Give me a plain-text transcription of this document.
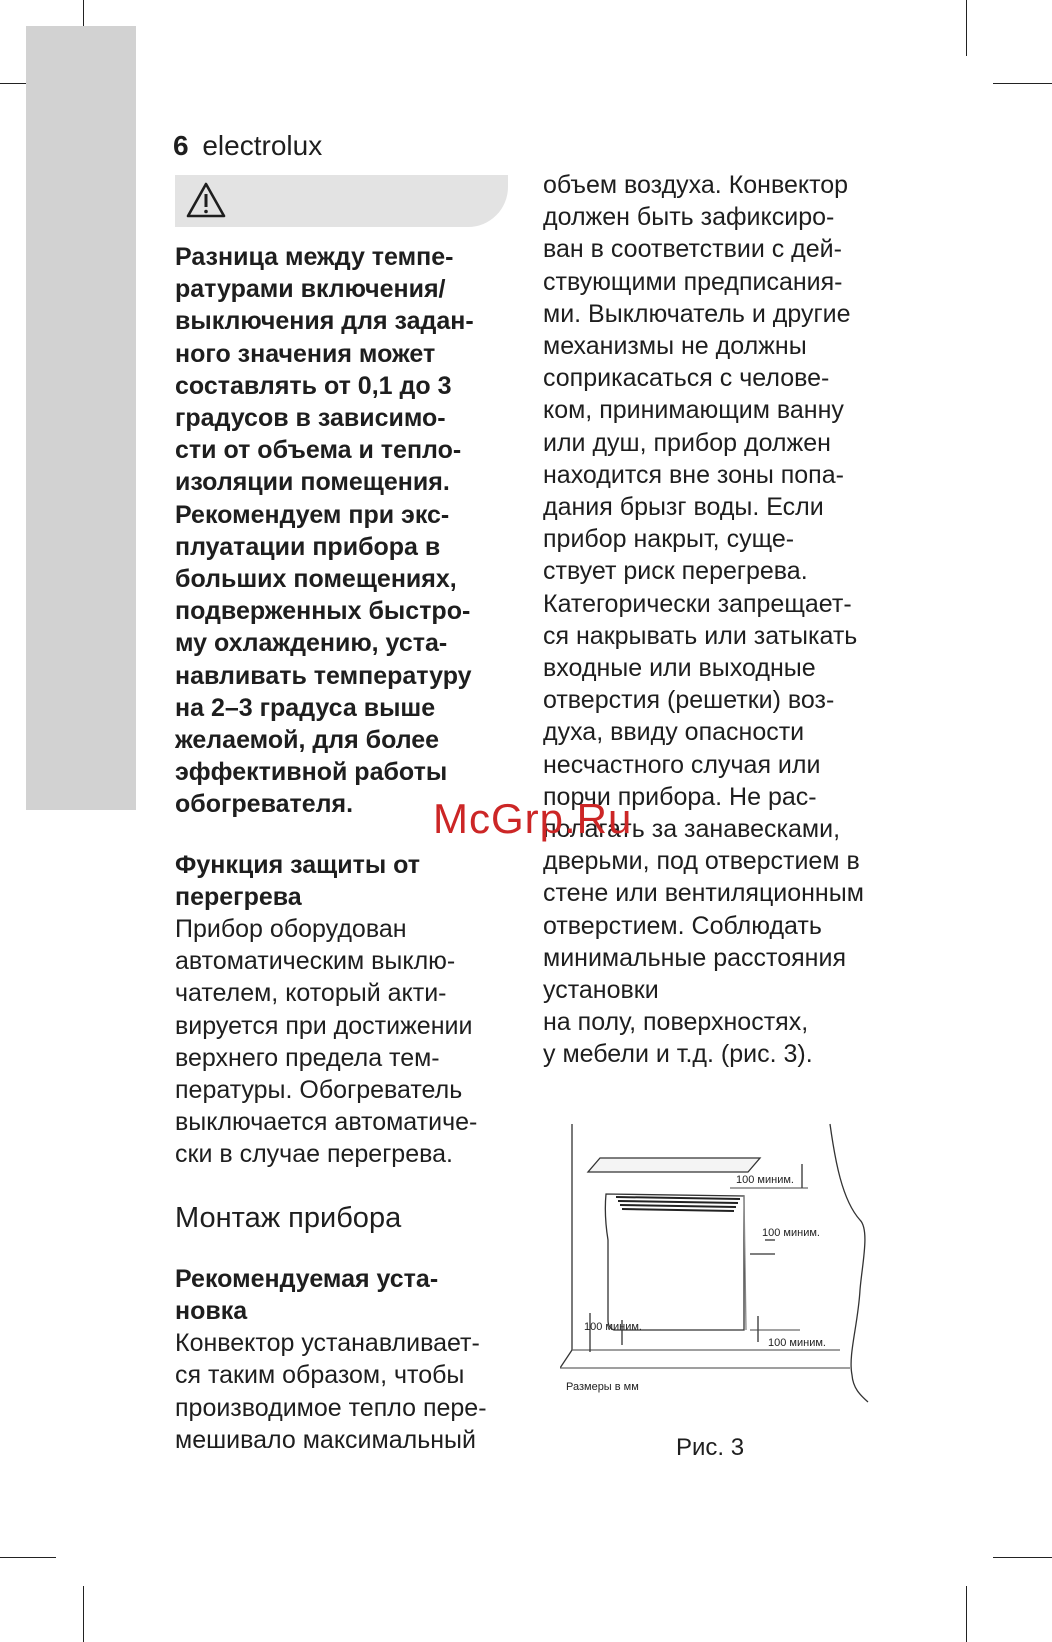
6 electrolux
Разница между темпе-
ратурами включения/
выключения для задан-
ного значения может
составлять от 0,1 до 3
градусов в зависимо-
сти от объема и тепло-
изоляции помещения.
Рекомендуем при экс-
плуатации прибора в
больших помещениях,
подверженных быстро-
му охлаждению, уста-
навливать температуру
на 2–3 градуса выше
желаемой, для более
эффективной работы
обогревателя.
Функция защиты от
перегрева
Прибор оборудован
автоматическим выклю-
чателем, который акти-
вируется при достижении
верхнего предела тем-
пературы. Обогреватель
выключается автоматиче-
ски в случае перегрева.
Монтаж прибора
Рекомендуемая уста-
новка
Конвектор устанавливает-
ся таким образом, чтобы
производимое тепло пере-
мешивало максимальный
объем воздуха. Конвектор
должен быть зафиксиро-
ван в соответствии с дей-
ствующими предписания-
ми. Выключатель и другие
механизмы не должны
соприкасаться с челове-
ком, принимающим ванну
или душ, прибор должен
находится вне зоны попа-
дания брызг воды. Если
прибор накрыт, суще-
ствует риск перегрева.
Категорически запрещает-
ся накрывать или затыкать
входные или выходные
отверстия (решетки) воз-
духа, ввиду опасности
несчастного случая или
порчи прибора. Не рас-
полагать за занавесками,
дверьми, под отверстием в
стене или вентиляционным
отверстием. Соблюдать
минимальные расстояния
установки
на полу, поверхностях,
у мебели и т.д. (рис. 3).
McGrp.Ru
100 миним.
100 миним.
100 миним.
100 миним.
Размеры в мм
Рис. 3
